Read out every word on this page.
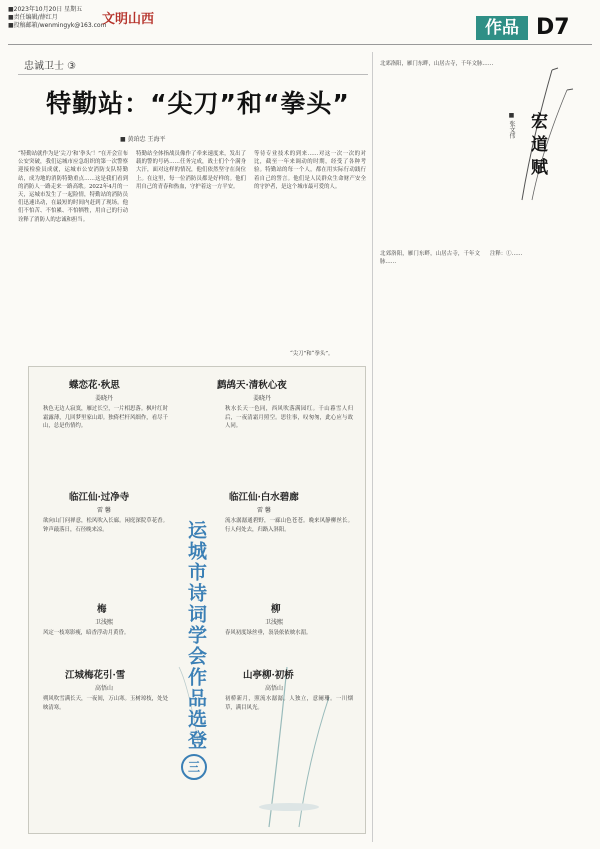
■2023年10月20日 星期五
■责任编辑/薛红月
■投稿邮箱/wenmingyk@163.com
文明山西	作品 D7
忠诚卫士 ③
特勤站：“尖刀”和“拳头”
■ 黄珀忠 王海平
“特勤站就作为是‘尖刀’和‘拳头’！”在开会宣布公安突破，我们运城市应急组织的第一次警察迎接检验员成就，运城市公安消防支队特勤站，成为地的消防特勤重点……这是我们看到的消防人一路走来一路高歌。2022年4月的一天，运城市发生了一起险情，特勤站的消防员们迅速出动，在最短的时间内赶到了现场。他们不怕苦、不怕累、不怕牺牲，用自己的行动诠释了消防人的忠诚和担当。
特勤站全体指战员像作了牵来速度来，发出了载的警的号码……任务完成，战士们个个满身大汗，面对这样的情况，他们依然坚守在岗位上。在这里，每一位消防员都是好样的。他们用自己的青春和热血，守护着这一方平安。
等待专业技术的到来……对这一次一次的对比，截至一年来调动的时期，经受了各种考验。特勤站的每一个人，都在用实际行动践行着自己的誓言。他们是人民群众生命财产安全的守护者，是这个城市最可爱的人。
“尖刀”和“拳头”。
蝶恋花·秋思
姜晓丹
秋色无边人寂寞，雁过长空，一片相思落。枫叶红时霜露薄，几回梦里家山却。独倚栏杆风细作，看尽千山，总是伤情约。
临江仙·过净寺
雷 馨
欲向山门问禅意，松风吹入长廊。闲庭深院草花香。钟声敲落日，石径晚来凉。
梅
卫浅熙
风定一枝寒影瘦，暗香浮动月黄昏。
江城梅花引·雪
高悟山
朔风吹雪满长天，一夜间，万山寒。玉树琼枝，处处映清寒。
鹧鸪天·清秋心夜
姜晓丹
秋水长天一色同，西风吹落满园红。千山暮雪人归后，一夜清霜月照空。思往事，叹匆匆，此心应与故人同。
临江仙·白水碧廊
雷 馨
流水潺潺通碧野，一廊山色苍苍。晚来风静柳丝长。行人何处去，归路入斜阳。
柳
卫浅熙
春风初度绿丝垂，袅袅依依映水湄。
山亭柳·初桥
高悟山
初桥新月，照流水潺潺。人独立，意阑珊。一川烟草，满目风光。
运城市诗词学会作品选登
三
宏道赋
■ 张文伟
北郊洛阳，雁门东畔，山居古寺，千年文脉……
北郊洛阳，雁门东畔，山居古寺，千年文脉……
注释：①……
